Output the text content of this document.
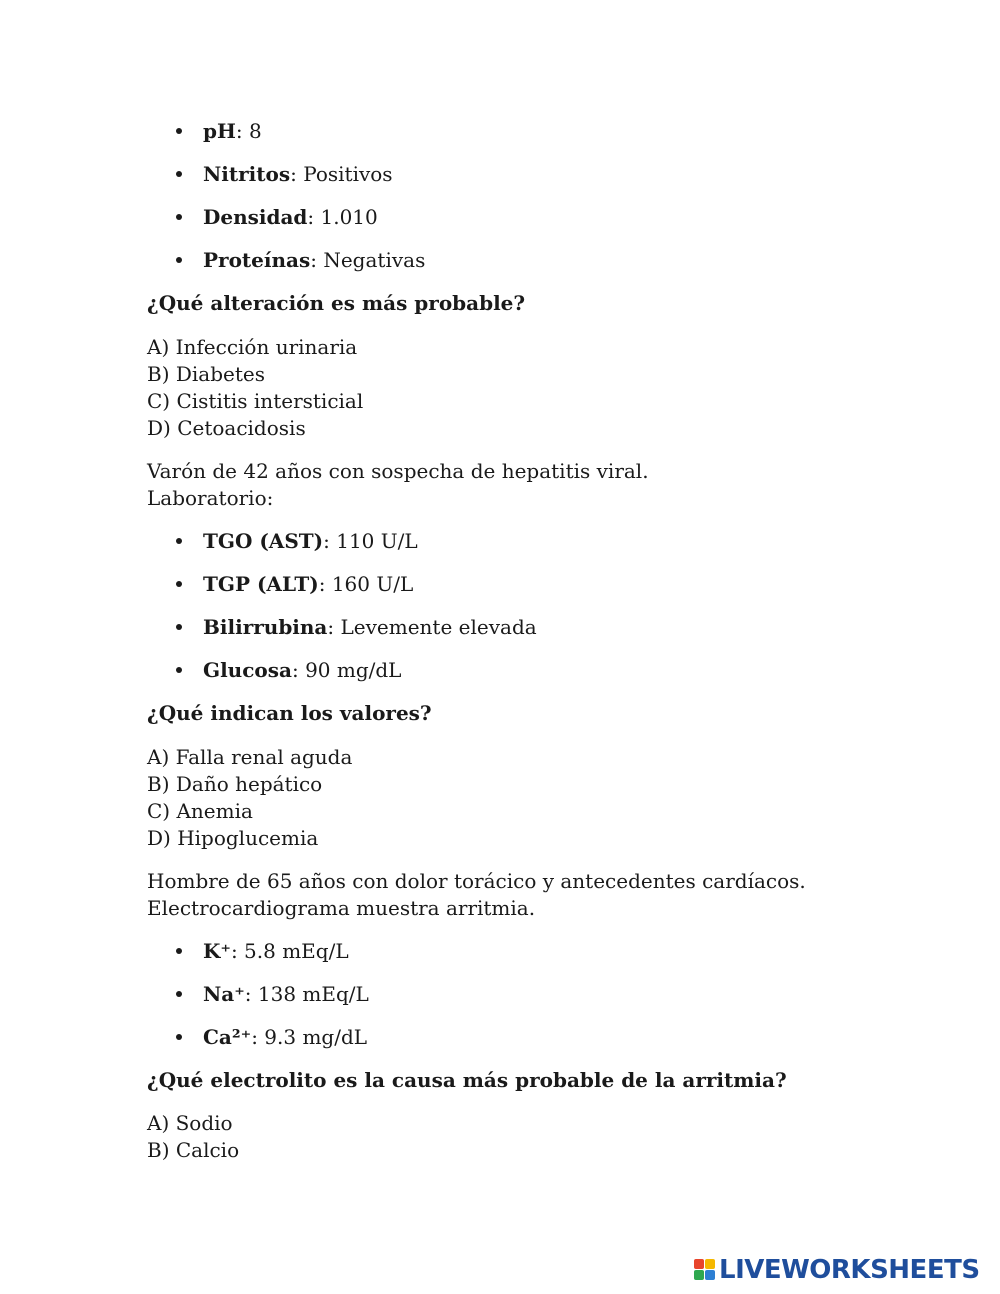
pH: 8
Nitritos: Positivos
Densidad: 1.010
Proteínas: Negativas
¿Qué alteración es más probable?
A) Infección urinaria
B) Diabetes
C) Cistitis intersticial
D) Cetoacidosis
Varón de 42 años con sospecha de hepatitis viral.
Laboratorio:
TGO (AST): 110 U/L
TGP (ALT): 160 U/L
Bilirrubina: Levemente elevada
Glucosa: 90 mg/dL
¿Qué indican los valores?
A) Falla renal aguda
B) Daño hepático
C) Anemia
D) Hipoglucemia
Hombre de 65 años con dolor torácico y antecedentes cardíacos.
Electrocardiograma muestra arritmia.
K⁺: 5.8 mEq/L
Na⁺: 138 mEq/L
Ca²⁺: 9.3 mg/dL
¿Qué electrolito es la causa más probable de la arritmia?
A) Sodio
B) Calcio
LIVEWORKSHEETS
